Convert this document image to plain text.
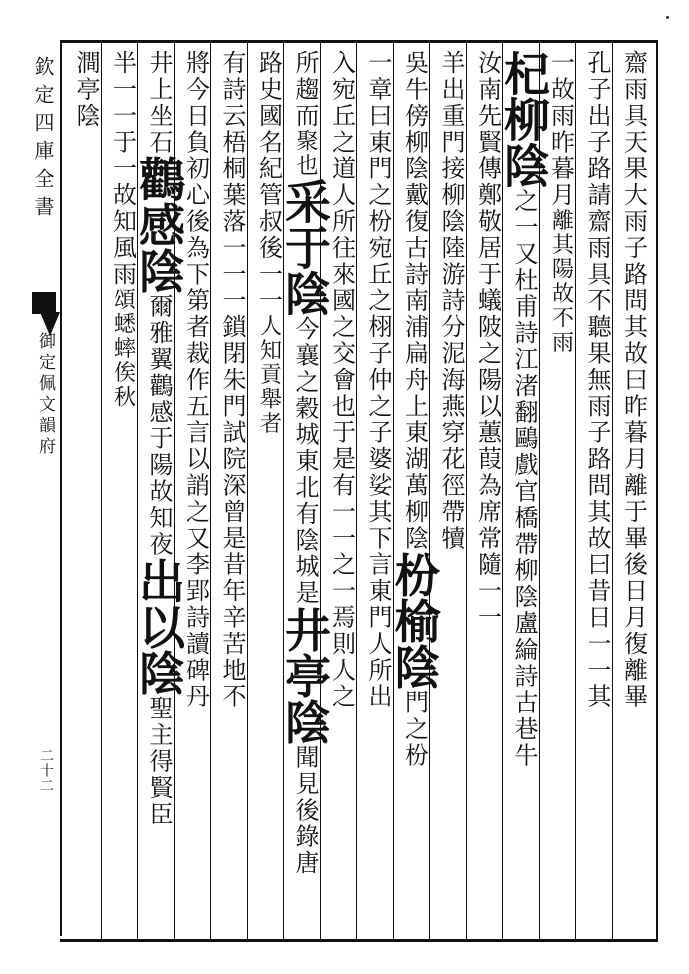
欽定四庫全書
御定佩文韻府
二十二
齋雨具天果大雨子路問其故曰昨暮月離于畢後日月復離畢
孔子出子路請齋雨具不聽果無雨子路問其故曰昔日一一其
一故雨昨暮月離其陽故不雨
杞柳陰之一又杜甫詩江渚翻鷗戲官橋帶柳陰盧綸詩古巷牛
汝南先賢傳鄭敬居于蟻陂之陽以蕙葭為席常隨一一
羊出重門接柳陰陸游詩分泥海燕穿花徑帶犢
吳牛傍柳陰戴復古詩南浦扁舟上東湖萬柳陰枌榆陰門之枌
一章曰東門之枌宛丘之栩子仲之子婆娑其下言東門人所出
入宛丘之道人所往來國之交會也于是有一一之一焉則人之
所趨而聚也采于陰今襄之穀城東北有陰城是井亭陰聞見後錄唐
路史國名紀管叔後一一人知貢舉者
有詩云梧桐葉落一一一鎖閉朱門試院深曾是昔年辛苦地不
將今日負初心後為下第者裁作五言以誚之又李郢詩讀碑丹
井上坐石鸛感陰爾雅翼鸛感于陽故知夜出以陰聖主得賢臣
半一一于一故知風雨頌蟋蟀俟秋
澗亭陰
